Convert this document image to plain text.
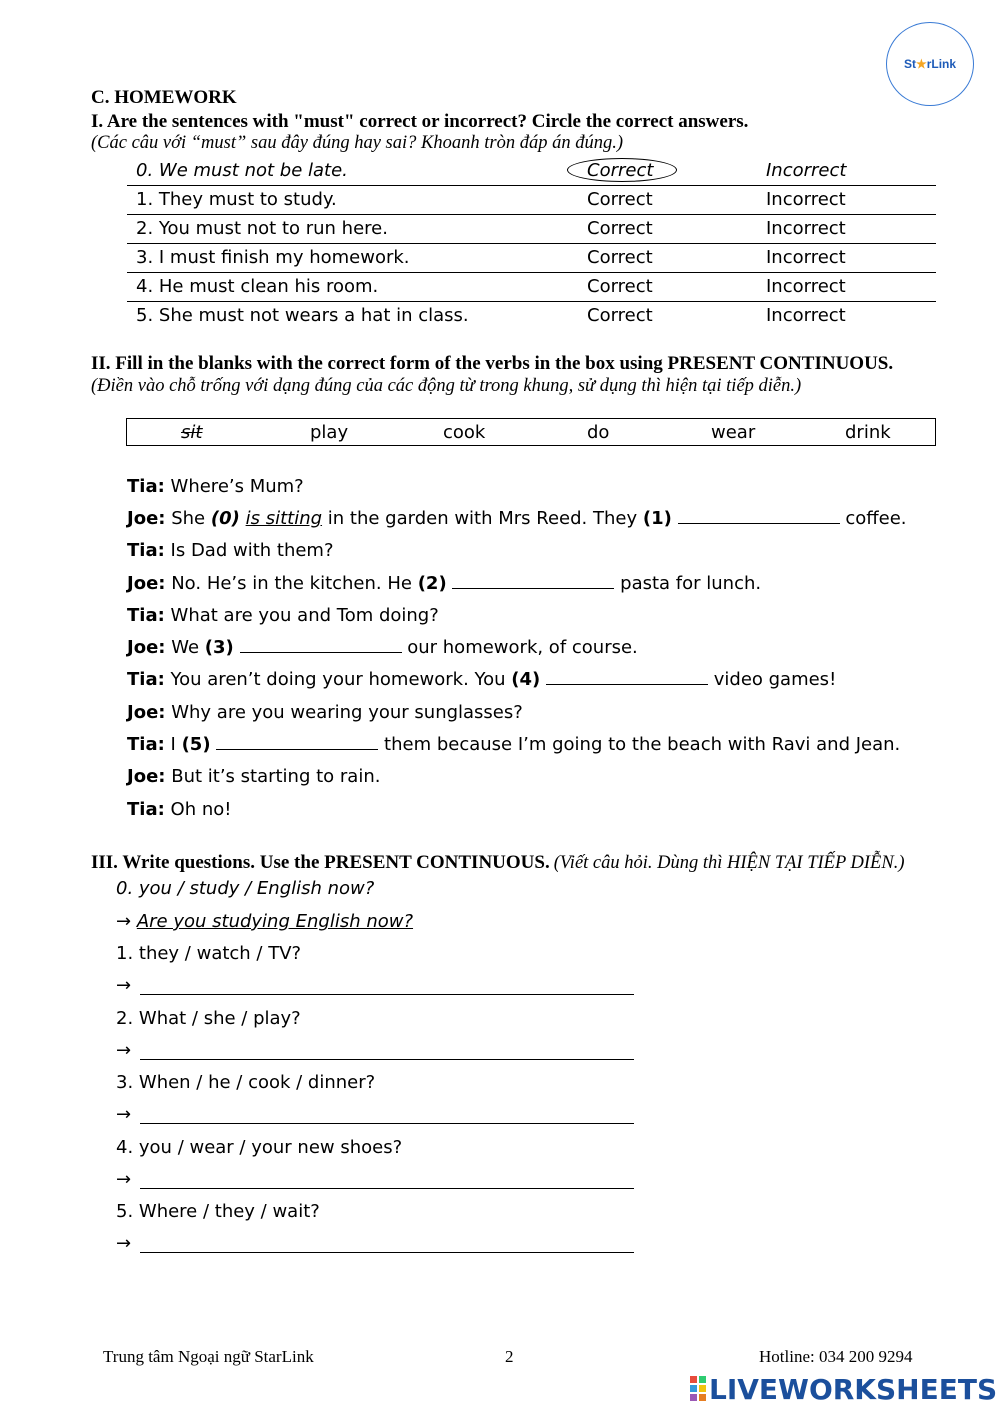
St ★ rLink
C. HOMEWORK
I. Are the sentences with "must" correct or incorrect? Circle the correct answers.
(Các câu với “must” sau đây đúng hay sai? Khoanh tròn đáp án đúng.)
0. We must not be late.	Correct	Incorrect
1. They must to study.	Correct	Incorrect
2. You must not to run here.	Correct	Incorrect
3. I must finish my homework.	Correct	Incorrect
4. He must clean his room.	Correct	Incorrect
5. She must not wears a hat in class.	Correct	Incorrect
II. Fill in the blanks with the correct form of the verbs in the box using PRESENT CONTINUOUS.
(Điền vào chỗ trống với dạng đúng của các động từ trong khung, sử dụng thì hiện tại tiếp diễn.)
sit	play	cook	do	wear	drink
Tia: Where’s Mum?
Joe: She (0) is sitting in the garden with Mrs Reed. They (1)	coffee.
Tia: Is Dad with them?
Joe: No. He’s in the kitchen. He (2)	pasta for lunch.
Tia: What are you and Tom doing?
Joe: We (3)	our homework, of course.
Tia: You aren’t doing your homework. You (4)	video games!
Joe: Why are you wearing your sunglasses?
Tia: I (5)	them because I’m going to the beach with Ravi and Jean.
Joe: But it’s starting to rain.
Tia: Oh no!
III. Write questions. Use the PRESENT CONTINUOUS. (Viết câu hỏi. Dùng thì HIỆN TẠI TIẾP DIỄN.)
0. you / study / English now?
→ Are you studying English now?
1. they / watch / TV?
→
2. What / she / play?
→
3. When / he / cook / dinner?
→
4. you / wear / your new shoes?
→
5. Where / they / wait?
→
Trung tâm Ngoại ngữ StarLink	2	Hotline: 034 200 9294
LIVEWORKSHEETS
